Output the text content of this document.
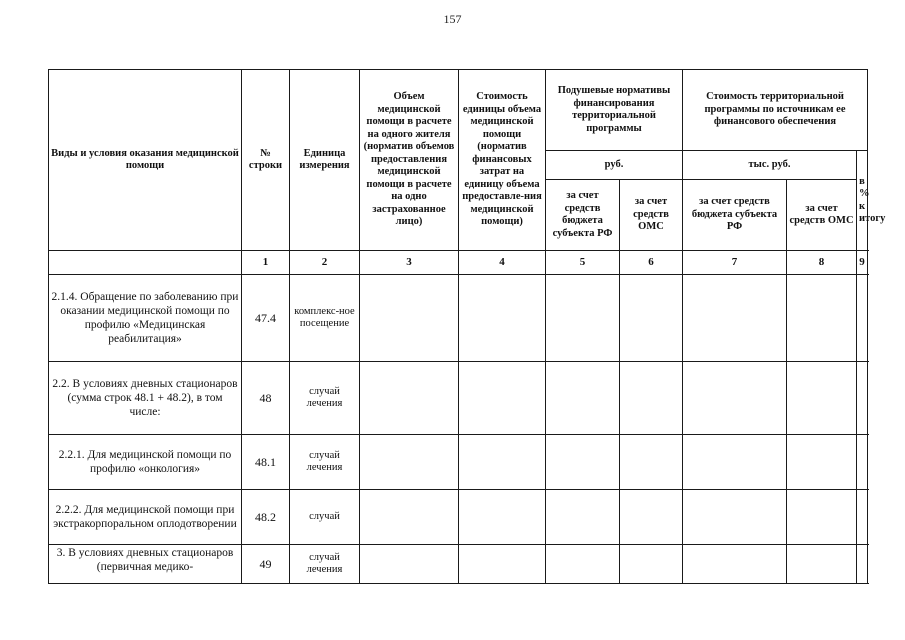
157
Виды и условия оказания медицинской помощи	№ строки	Единица измерения	Объем медицинской помощи в расчете на одного жителя (норматив объемов предоставления медицинской помощи в расчете на одно застрахованное лицо)	Стоимость единицы объема медицинской помощи (норматив финансовых затрат на единицу объема предоставле-ния медицинской помощи)	Подушевые нормативы финансирования территориальной программы		Стоимость территориальной программы по источникам ее финансового обеспечения		
					руб.		тыс. руб.		в % к итогу
					за счет средств бюджета субъекта РФ	за счет средств ОМС	за счет средств бюджета субъекта РФ	за счет средств ОМС	
	1	2	3	4	5	6	7	8	9
2.1.4. Обращение по заболеванию при оказании медицинской помощи по профилю «Медицинская реабилитация»	47.4	комплекс-ное посещение							
2.2. В условиях дневных стационаров (сумма строк 48.1 + 48.2), в том числе:	48	случай лечения							
2.2.1. Для медицинской помощи по профилю «онкология»	48.1	случай лечения							
2.2.2. Для медицинской помощи при экстракорпоральном оплодотворении	48.2	случай							
3. В условиях дневных стационаров (первичная медико-	49	случай лечения							
